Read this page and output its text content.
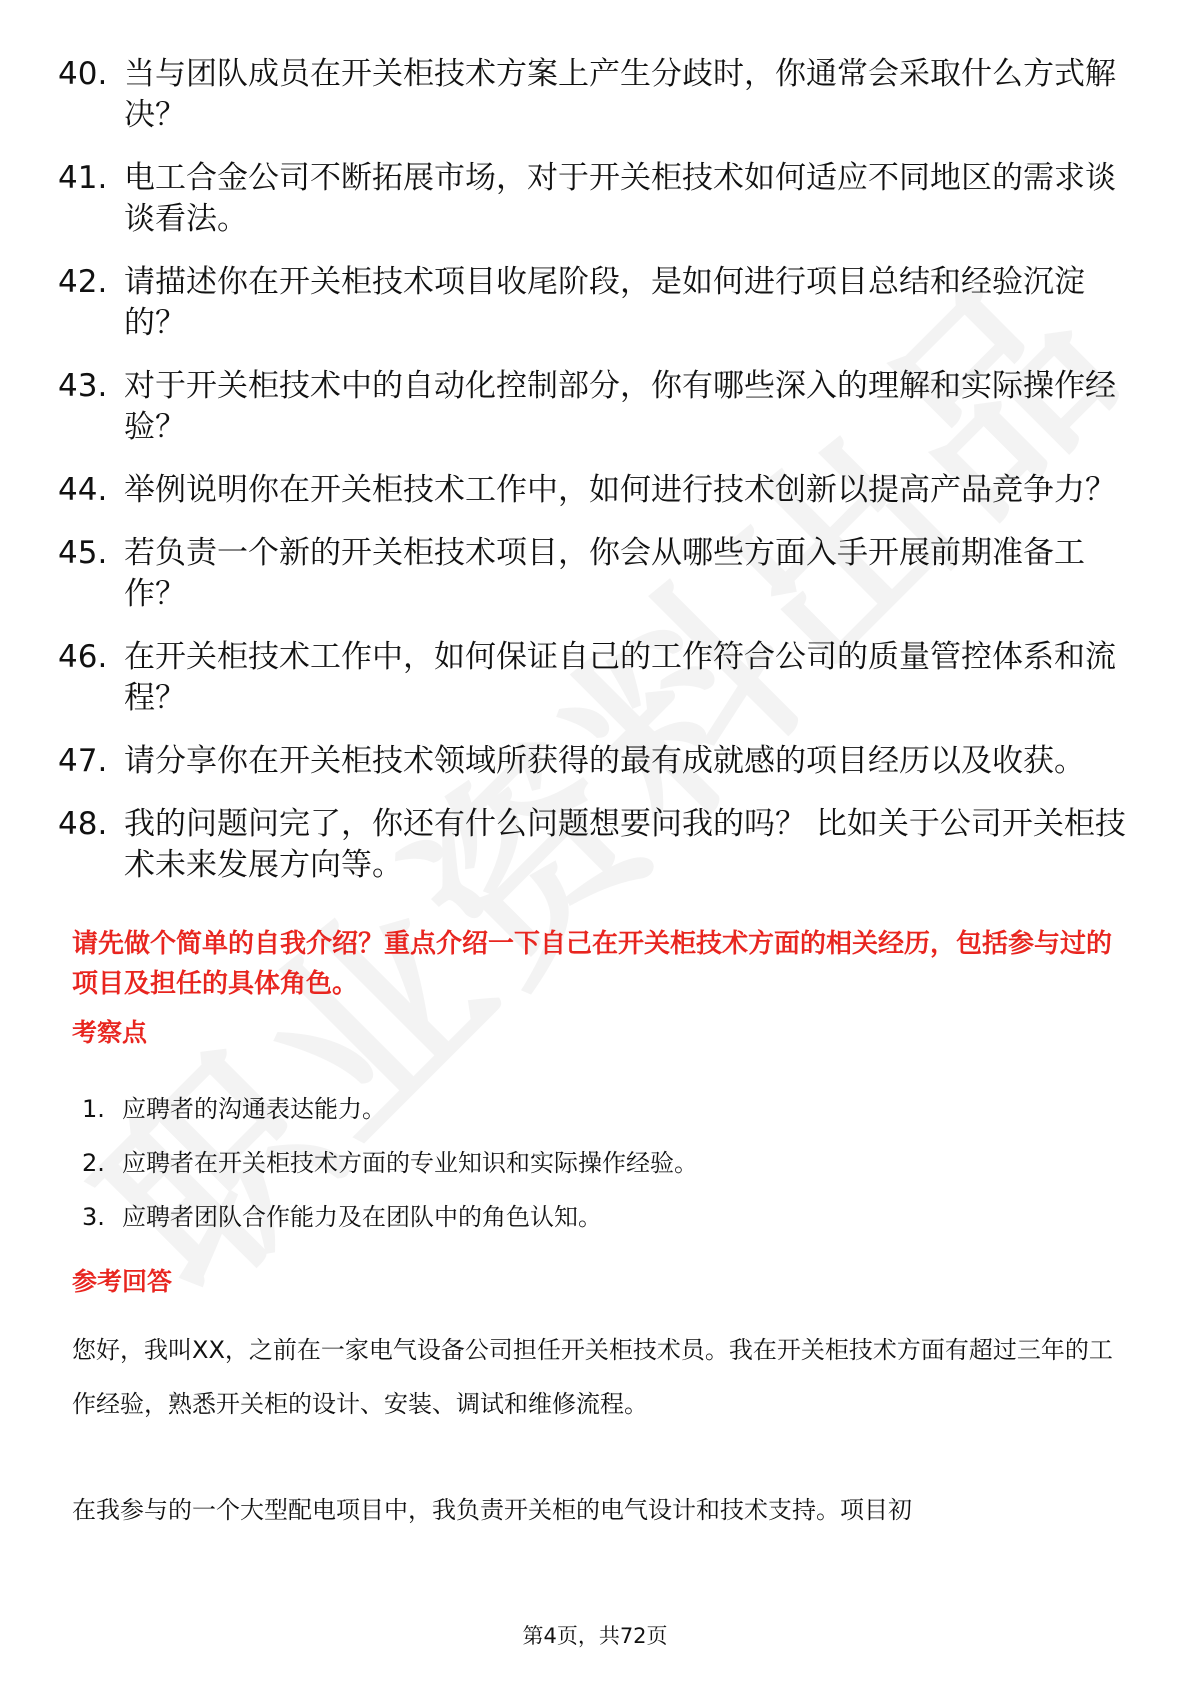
40. 当与团队成员在开关柜技术方案上产生分歧时，你通常会采取什么方式解决？
41. 电工合金公司不断拓展市场，对于开关柜技术如何适应不同地区的需求谈谈看法。
42. 请描述你在开关柜技术项目收尾阶段，是如何进行项目总结和经验沉淀的？
43. 对于开关柜技术中的自动化控制部分，你有哪些深入的理解和实际操作经验？
44. 举例说明你在开关柜技术工作中，如何进行技术创新以提高产品竞争力？
45. 若负责一个新的开关柜技术项目，你会从哪些方面入手开展前期准备工作？
46. 在开关柜技术工作中，如何保证自己的工作符合公司的质量管控体系和流程？
47. 请分享你在开关柜技术领域所获得的最有成就感的项目经历以及收获。
48. 我的问题问完了，你还有什么问题想要问我的吗？ 比如关于公司开关柜技术未来发展方向等。
请先做个简单的自我介绍？重点介绍一下自己在开关柜技术方面的相关经历，包括参与过的项目及担任的具体角色。
考察点
1. 应聘者的沟通表达能力。
2. 应聘者在开关柜技术方面的专业知识和实际操作经验。
3. 应聘者团队合作能力及在团队中的角色认知。
参考回答
您好，我叫XX，之前在一家电气设备公司担任开关柜技术员。我在开关柜技术方面有超过三年的工作经验，熟悉开关柜的设计、安装、调试和维修流程。
在我参与的一个大型配电项目中，我负责开关柜的电气设计和技术支持。项目初
第4页，共72页
